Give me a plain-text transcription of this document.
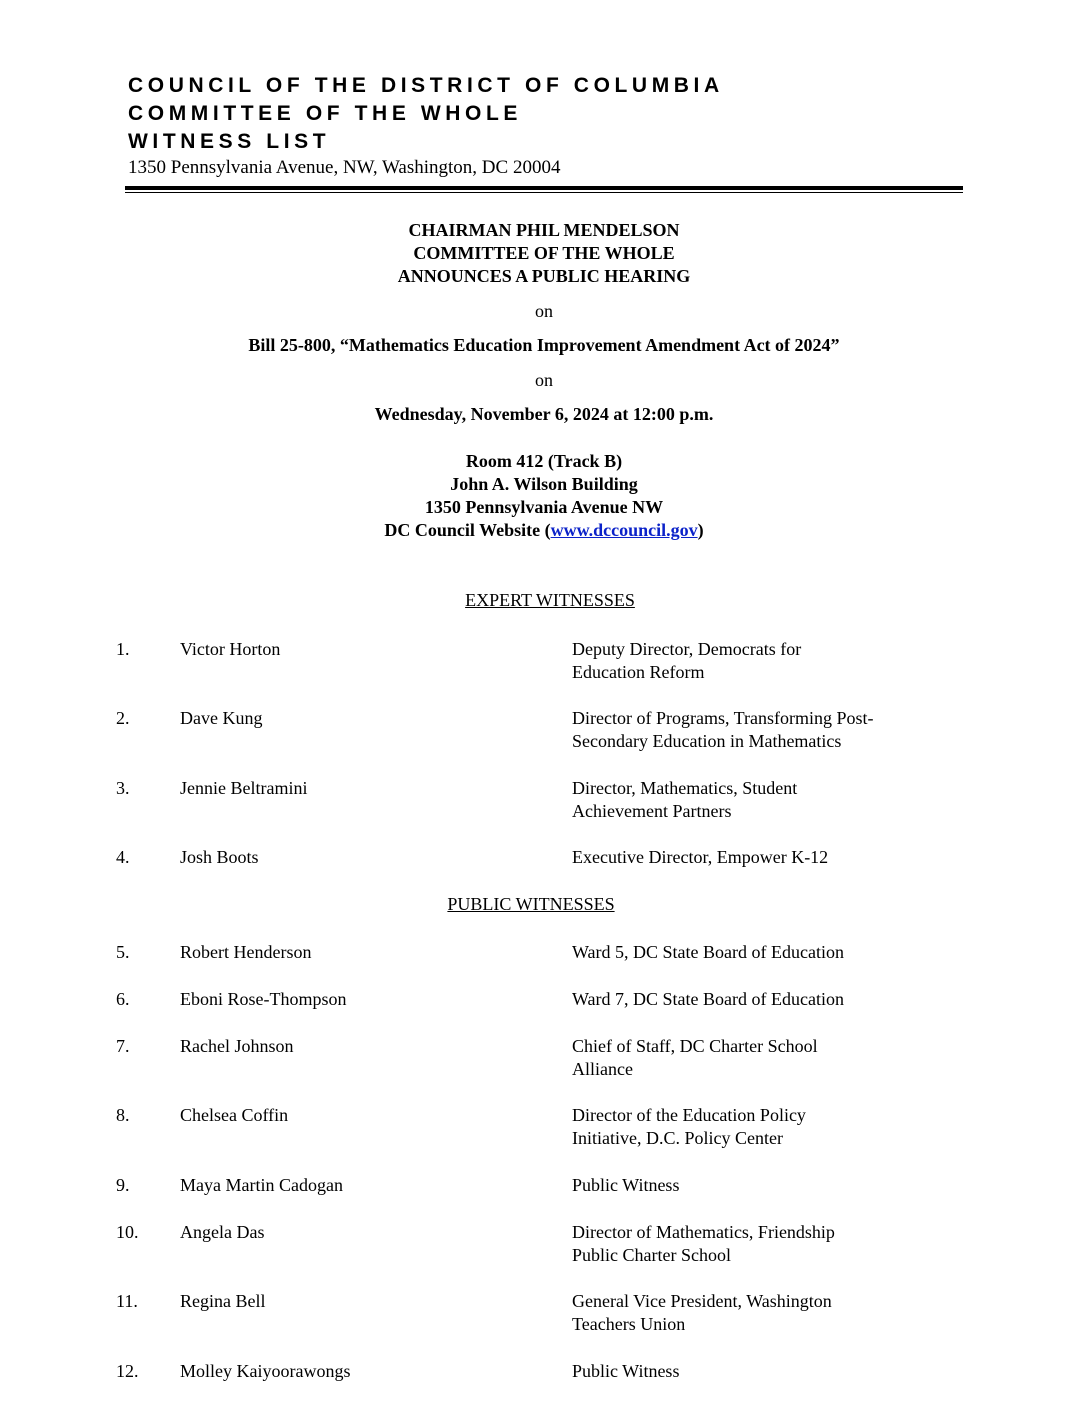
COUNCIL OF THE DISTRICT OF COLUMBIA
COMMITTEE OF THE WHOLE
WITNESS LIST
1350 Pennsylvania Avenue, NW, Washington, DC 20004
CHAIRMAN PHIL MENDELSON
COMMITTEE OF THE WHOLE
ANNOUNCES A PUBLIC HEARING
on
Bill 25-800, “Mathematics Education Improvement Amendment Act of 2024”
on
Wednesday, November 6, 2024 at 12:00 p.m.
Room 412 (Track B)
John A. Wilson Building
1350 Pennsylvania Avenue NW
DC Council Website (www.dccouncil.gov)
EXPERT WITNESSES
PUBLIC WITNESSES
1.	Victor Horton	Deputy Director, Democrats for
Education Reform
2.	Dave Kung	Director of Programs, Transforming Post-
Secondary Education in Mathematics
3.	Jennie Beltramini	Director, Mathematics, Student
Achievement Partners
4.	Josh Boots	Executive Director, Empower K-12
5.	Robert Henderson	Ward 5, DC State Board of Education
6.	Eboni Rose-Thompson	Ward 7, DC State Board of Education
7.	Rachel Johnson	Chief of Staff, DC Charter School
Alliance
8.	Chelsea Coffin	Director of the Education Policy
Initiative, D.C. Policy Center
9.	Maya Martin Cadogan	Public Witness
10. Angela Das	Director of Mathematics, Friendship
Public Charter School
11. Regina Bell	General Vice President, Washington
Teachers Union
12. Molley Kaiyoorawongs	Public Witness
